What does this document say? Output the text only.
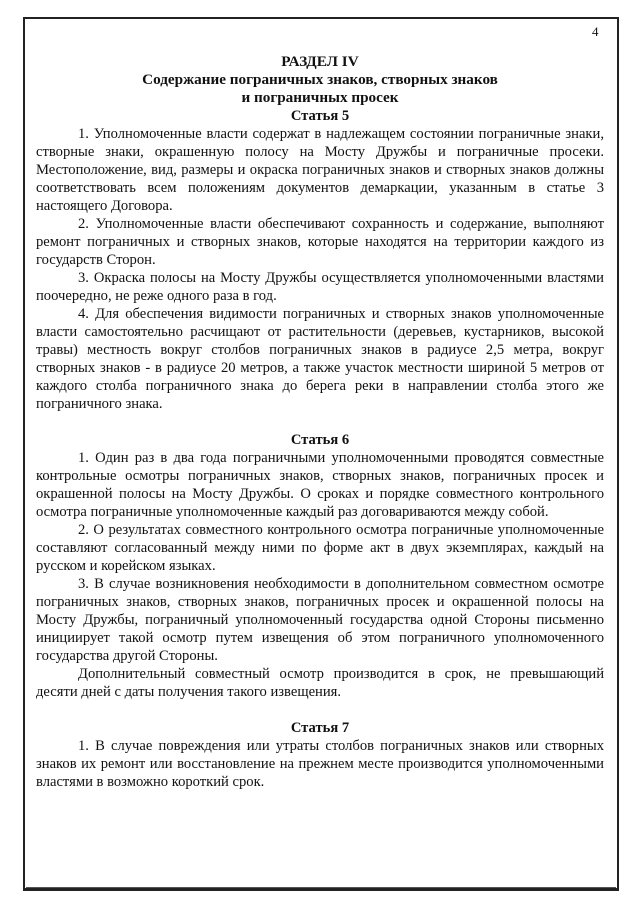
4
РАЗДЕЛ IV
Содержание пограничных знаков, створных знаков
и пограничных просек
Статья 5

1. Уполномоченные власти содержат в надлежащем состоянии пограничные знаки, створные знаки, окрашенную полосу на Мосту Дружбы и пограничные просеки. Местоположение, вид, размеры и окраска пограничных знаков и створных знаков должны соответствовать всем положениям документов демаркации, указанным в статье 3 настоящего Договора.

2. Уполномоченные власти обеспечивают сохранность и содержание, выполняют ремонт пограничных и створных знаков, которые находятся на территории каждого из государств Сторон.

3. Окраска полосы на Мосту Дружбы осуществляется уполномоченными властями поочередно, не реже одного раза в год.

4. Для обеспечения видимости пограничных и створных знаков уполномоченные власти самостоятельно расчищают от растительности (деревьев, кустарников, высокой травы) местность вокруг столбов пограничных знаков в радиусе 2,5 метра, вокруг створных знаков - в радиусе 20 метров, а также участок местности шириной 5 метров от каждого столба пограничного знака до берега реки в направлении столба этого же пограничного знака.

Статья 6

1. Один раз в два года пограничными уполномоченными проводятся совместные контрольные осмотры пограничных знаков, створных знаков, пограничных просек и окрашенной полосы на Мосту Дружбы. О сроках и порядке совместного контрольного осмотра пограничные уполномоченные каждый раз договариваются между собой.

2. О результатах совместного контрольного осмотра пограничные уполномоченные составляют согласованный между ними по форме акт в двух экземплярах, каждый на русском и корейском языках.

3. В случае возникновения необходимости в дополнительном совместном осмотре пограничных знаков, створных знаков, пограничных просек и окрашенной полосы на Мосту Дружбы, пограничный уполномоченный государства одной Стороны письменно инициирует такой осмотр путем извещения об этом пограничного уполномоченного государства другой Стороны.

Дополнительный совместный осмотр производится в срок, не превышающий десяти дней с даты получения такого извещения.

Статья 7

1. В случае повреждения или утраты столбов пограничных знаков или створных знаков их ремонт или восстановление на прежнем месте производится уполномоченными властями в возможно короткий срок.
